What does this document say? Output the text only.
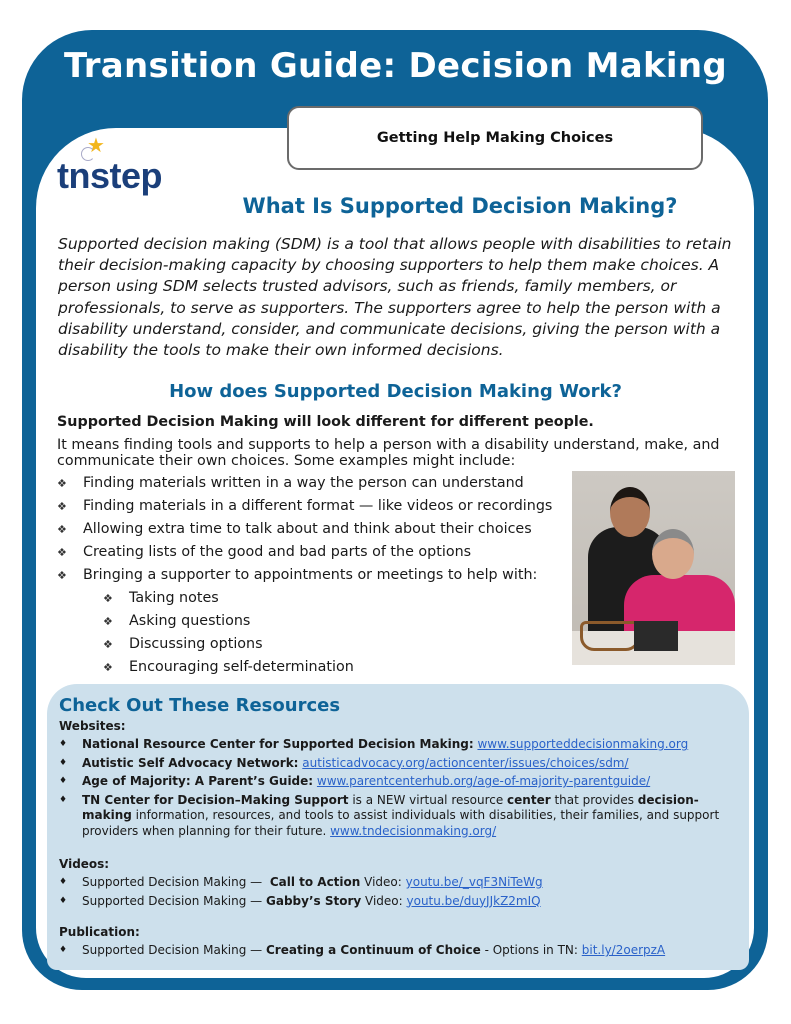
Transition Guide: Decision Making
Getting Help Making Choices
★
tnstep
What Is Supported Decision Making?

Supported decision making (SDM) is a tool that allows people with disabilities to retain their decision-making capacity by choosing supporters to help them make choices. A person using SDM selects trusted advisors, such as friends, family members, or professionals, to serve as supporters. The supporters agree to help the person with a disability understand, consider, and communicate decisions, giving the person with a disability the tools to make their own informed decisions.

How does Supported Decision Making Work?
Supported Decision Making will look different for different people.

It means finding tools and supports to help a person with a disability understand, make, and communicate their own choices. Some examples might include:

❖	Finding materials written in a way the person can understand
❖	Finding materials in a different format — like videos or recordings
❖	Allowing extra time to talk about and think about their choices
❖	Creating lists of the good and bad parts of the options
❖	Bringing a supporter to appointments or meetings to help with:
❖	Taking notes
❖	Asking questions
❖	Discussing options
❖	Encouraging self-determination
Check Out These Resources
Websites:
♦	National Resource Center for Supported Decision Making: www.supporteddecisionmaking.org
♦	Autistic Self Advocacy Network: autisticadvocacy.org/actioncenter/issues/choices/sdm/
♦	Age of Majority: A Parent’s Guide: www.parentcenterhub.org/age-of-majority-parentguide/
♦	TN Center for Decision–Making Support is a NEW virtual resource center that provides decision-making information, resources, and tools to assist individuals with disabilities, their families, and support providers when planning for their future. www.tndecisionmaking.org/
Videos:
♦	Supported Decision Making —  Call to Action Video: youtu.be/_vqF3NiTeWg
♦	Supported Decision Making — Gabby’s Story Video: youtu.be/duyJJkZ2mIQ
Publication:
♦	Supported Decision Making — Creating a Continuum of Choice - Options in TN: bit.ly/2oerpzA
